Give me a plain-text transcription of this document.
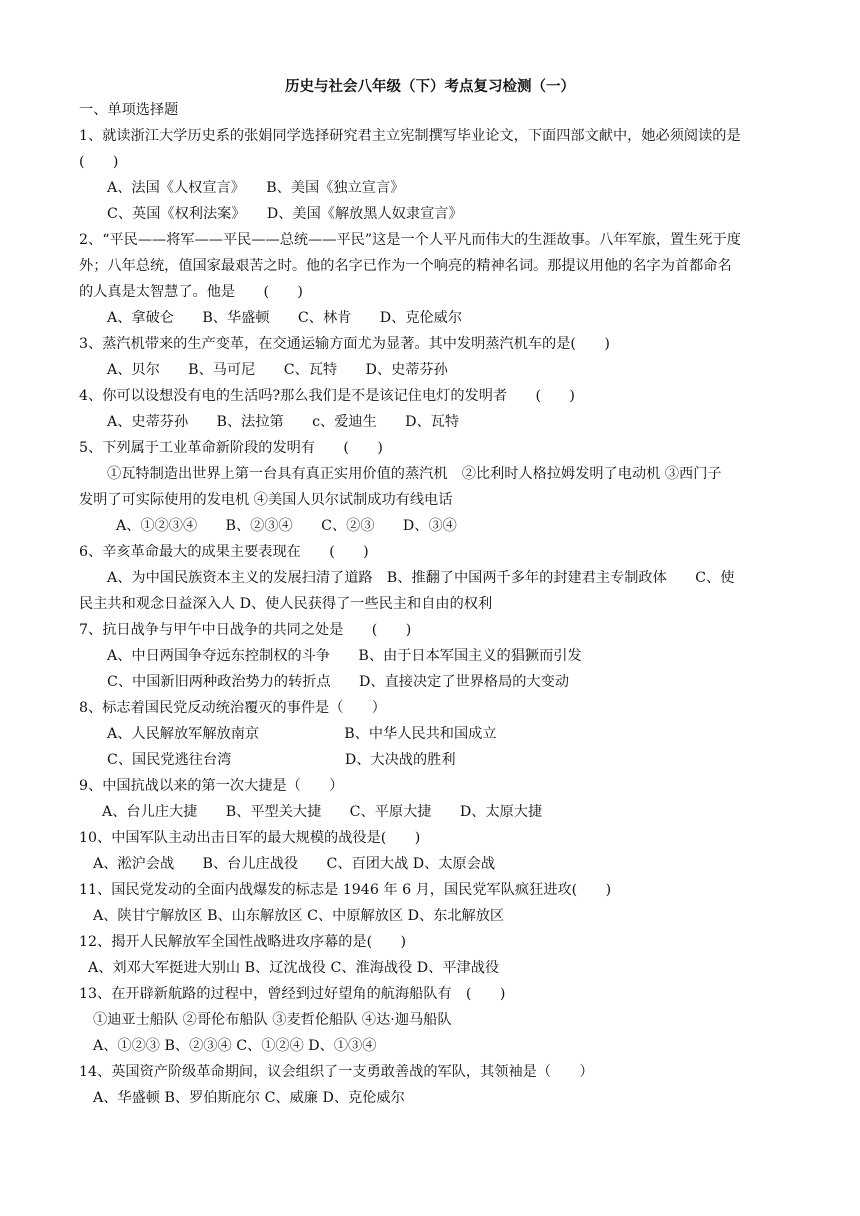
历史与社会八年级（下）考点复习检测（一）
一、单项选择题
1、就读浙江大学历史系的张娟同学选择研究君主立宪制撰写毕业论文，下面四部文献中，她必须阅读的是
(　　)
A、法国《人权宣言》　　B、美国《独立宣言》
C、英国《权利法案》　　D、美国《解放黑人奴隶宣言》
2、“平民——将军——平民——总统——平民”这是一个人平凡而伟大的生涯故事。八年军旅，置生死于度
外；八年总统，值国家最艰苦之时。他的名字已作为一个响亮的精神名词。那提议用他的名字为首都命名
的人真是太智慧了。他是　　(　　)
A、拿破仑　　B、华盛顿　　C、林肯　　D、克伦威尔
3、蒸汽机带来的生产变革，在交通运输方面尤为显著。其中发明蒸汽机车的是(　　)
A、贝尔　　B、马可尼　　C、瓦特　　D、史蒂芬孙
4、你可以设想没有电的生活吗?那么我们是不是该记住电灯的发明者　　(　　)
A、史蒂芬孙　　B、法拉第　　c、爱迪生　　D、瓦特
5、下列属于工业革命新阶段的发明有　　(　　)
①瓦特制造出世界上第一台具有真正实用价值的蒸汽机　②比利时人格拉姆发明了电动机 ③西门子
发明了可实际使用的发电机 ④美国人贝尔试制成功有线电话
A、①②③④　　B、②③④　　C、②③　　D、③④
6、辛亥革命最大的成果主要表现在　　(　　)
A、为中国民族资本主义的发展扫清了道路　B、推翻了中国两千多年的封建君主专制政体　　C、使
民主共和观念日益深入人 D、使人民获得了一些民主和自由的权利
7、抗日战争与甲午中日战争的共同之处是　　(　　)
A、中日两国争夺远东控制权的斗争　　B、由于日本军国主义的猖獗而引发
C、中国新旧两种政治势力的转折点　　D、直接决定了世界格局的大变动
8、标志着国民党反动统治覆灭的事件是（　　）
A、人民解放军解放南京　　　　　　B、中华人民共和国成立
C、国民党逃往台湾　　　　　　　　D、大决战的胜利
9、中国抗战以来的第一次大捷是（　　）
A、台儿庄大捷　　B、平型关大捷　　C、平原大捷　　D、太原大捷
10、中国军队主动出击日军的最大规模的战役是(　　)
A、淞沪会战　　B、台儿庄战役　　C、百团大战 D、太原会战
11、国民党发动的全面内战爆发的标志是 1946 年 6 月，国民党军队疯狂进攻(　　)
A、陕甘宁解放区 B、山东解放区 C、中原解放区 D、东北解放区
12、揭开人民解放军全国性战略进攻序幕的是(　　)
A、刘邓大军挺进大别山 B、辽沈战役 C、淮海战役 D、平津战役
13、在开辟新航路的过程中，曾经到过好望角的航海船队有　(　　)
①迪亚士船队 ②哥伦布船队 ③麦哲伦船队 ④达·迦马船队
A、①②③ B、②③④ C、①②④ D、①③④
14、英国资产阶级革命期间，议会组织了一支勇敢善战的军队，其领袖是（　　）
A、华盛顿 B、罗伯斯庇尔 C、威廉 D、克伦威尔
